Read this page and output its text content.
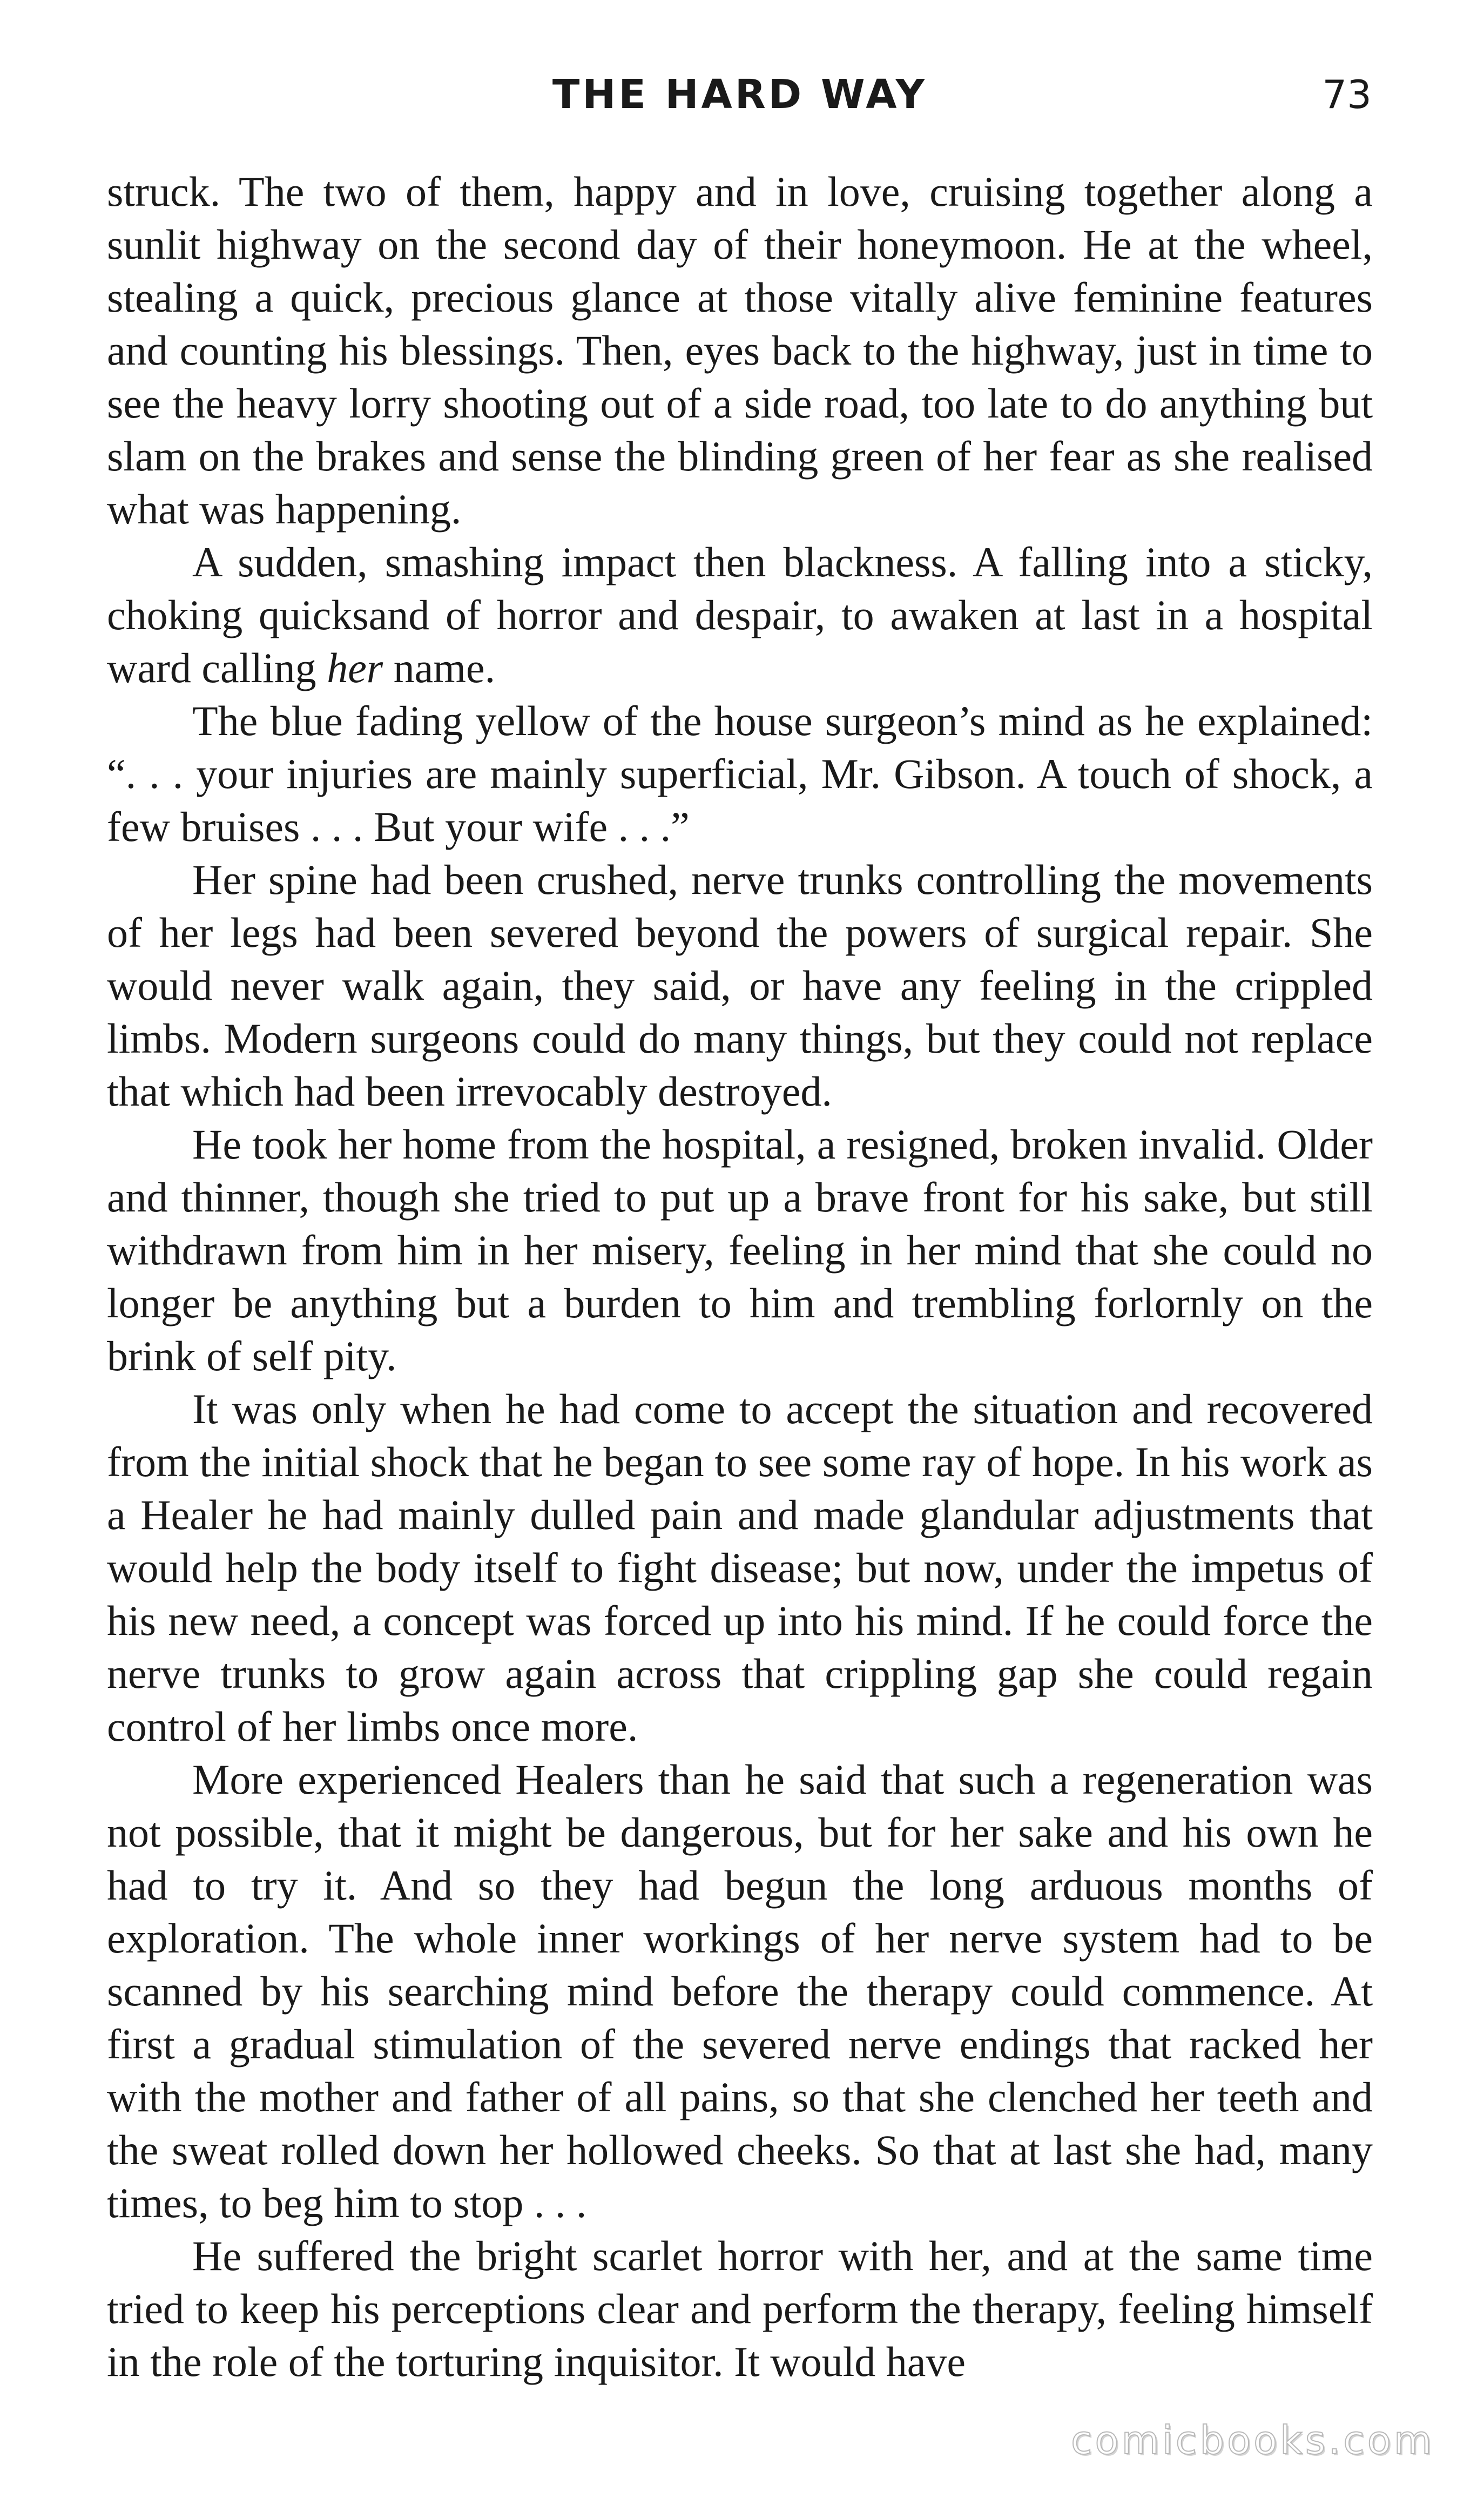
THE HARD WAY	73

struck. The two of them, happy and in love, cruising together along a sunlit highway on the second day of their honeymoon. He at the wheel, stealing a quick, precious glance at those vitally alive feminine features and counting his blessings. Then, eyes back to the highway, just in time to see the heavy lorry shooting out of a side road, too late to do anything but slam on the brakes and sense the blinding green of her fear as she realised what was happening.

A sudden, smashing impact then blackness. A falling into a sticky, choking quicksand of horror and despair, to awaken at last in a hospital ward calling her name.

The blue fading yellow of the house surgeon’s mind as he explained: “. . . your injuries are mainly superficial, Mr. Gibson. A touch of shock, a few bruises . . . But your wife . . .”

Her spine had been crushed, nerve trunks controlling the movements of her legs had been severed beyond the powers of surgical repair. She would never walk again, they said, or have any feeling in the crippled limbs. Modern surgeons could do many things, but they could not replace that which had been irrevocably destroyed.

He took her home from the hospital, a resigned, broken invalid. Older and thinner, though she tried to put up a brave front for his sake, but still withdrawn from him in her misery, feeling in her mind that she could no longer be anything but a burden to him and trembling forlornly on the brink of self pity.

It was only when he had come to accept the situation and recovered from the initial shock that he began to see some ray of hope. In his work as a Healer he had mainly dulled pain and made glandular adjustments that would help the body itself to fight disease; but now, under the impetus of his new need, a concept was forced up into his mind. If he could force the nerve trunks to grow again across that crippling gap she could regain control of her limbs once more.

More experienced Healers than he said that such a regeneration was not possible, that it might be dangerous, but for her sake and his own he had to try it. And so they had begun the long arduous months of exploration. The whole inner workings of her nerve system had to be scanned by his searching mind before the therapy could commence. At first a gradual stimulation of the severed nerve endings that racked her with the mother and father of all pains, so that she clenched her teeth and the sweat rolled down her hollowed cheeks. So that at last she had, many times, to beg him to stop . . .

He suffered the bright scarlet horror with her, and at the same time tried to keep his perceptions clear and perform the therapy, feeling himself in the role of the torturing inquisitor. It would have

comicbooks.com
